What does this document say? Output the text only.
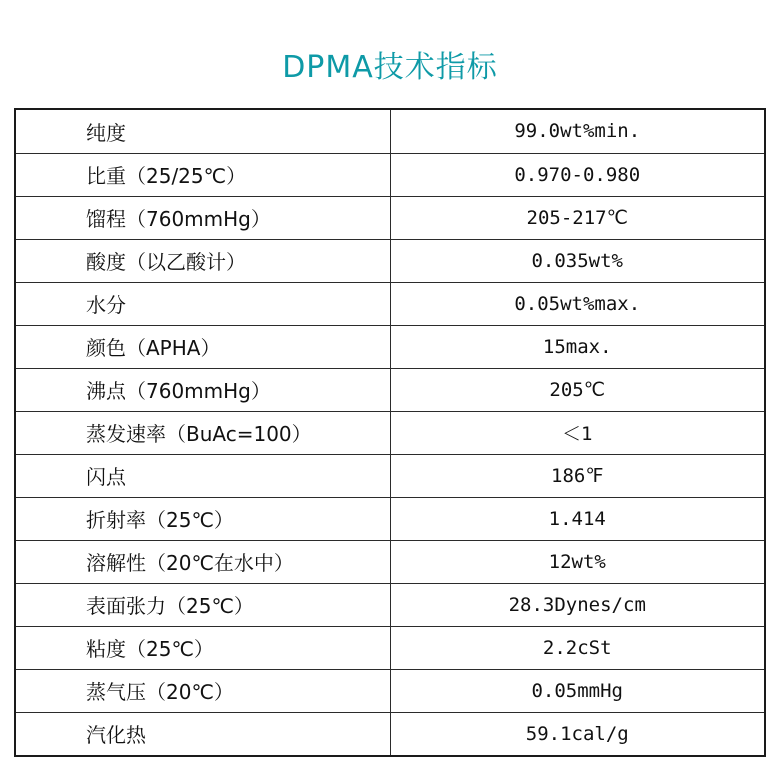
DPMA技术指标
纯度	99.0wt%min.
比重（25/25℃）	0.970-0.980
馏程（760mmHg）	205-217℃
酸度（以乙酸计）	0.035wt%
水分	0.05wt%max.
颜色（APHA）	15max.
沸点（760mmHg）	205℃
蒸发速率（BuAc=100）	＜1
闪点	186℉
折射率（25℃）	1.414
溶解性（20℃在水中）	12wt%
表面张力（25℃）	28.3Dynes/cm
粘度（25℃）	2.2cSt
蒸气压（20℃）	0.05mmHg
汽化热	59.1cal/g
